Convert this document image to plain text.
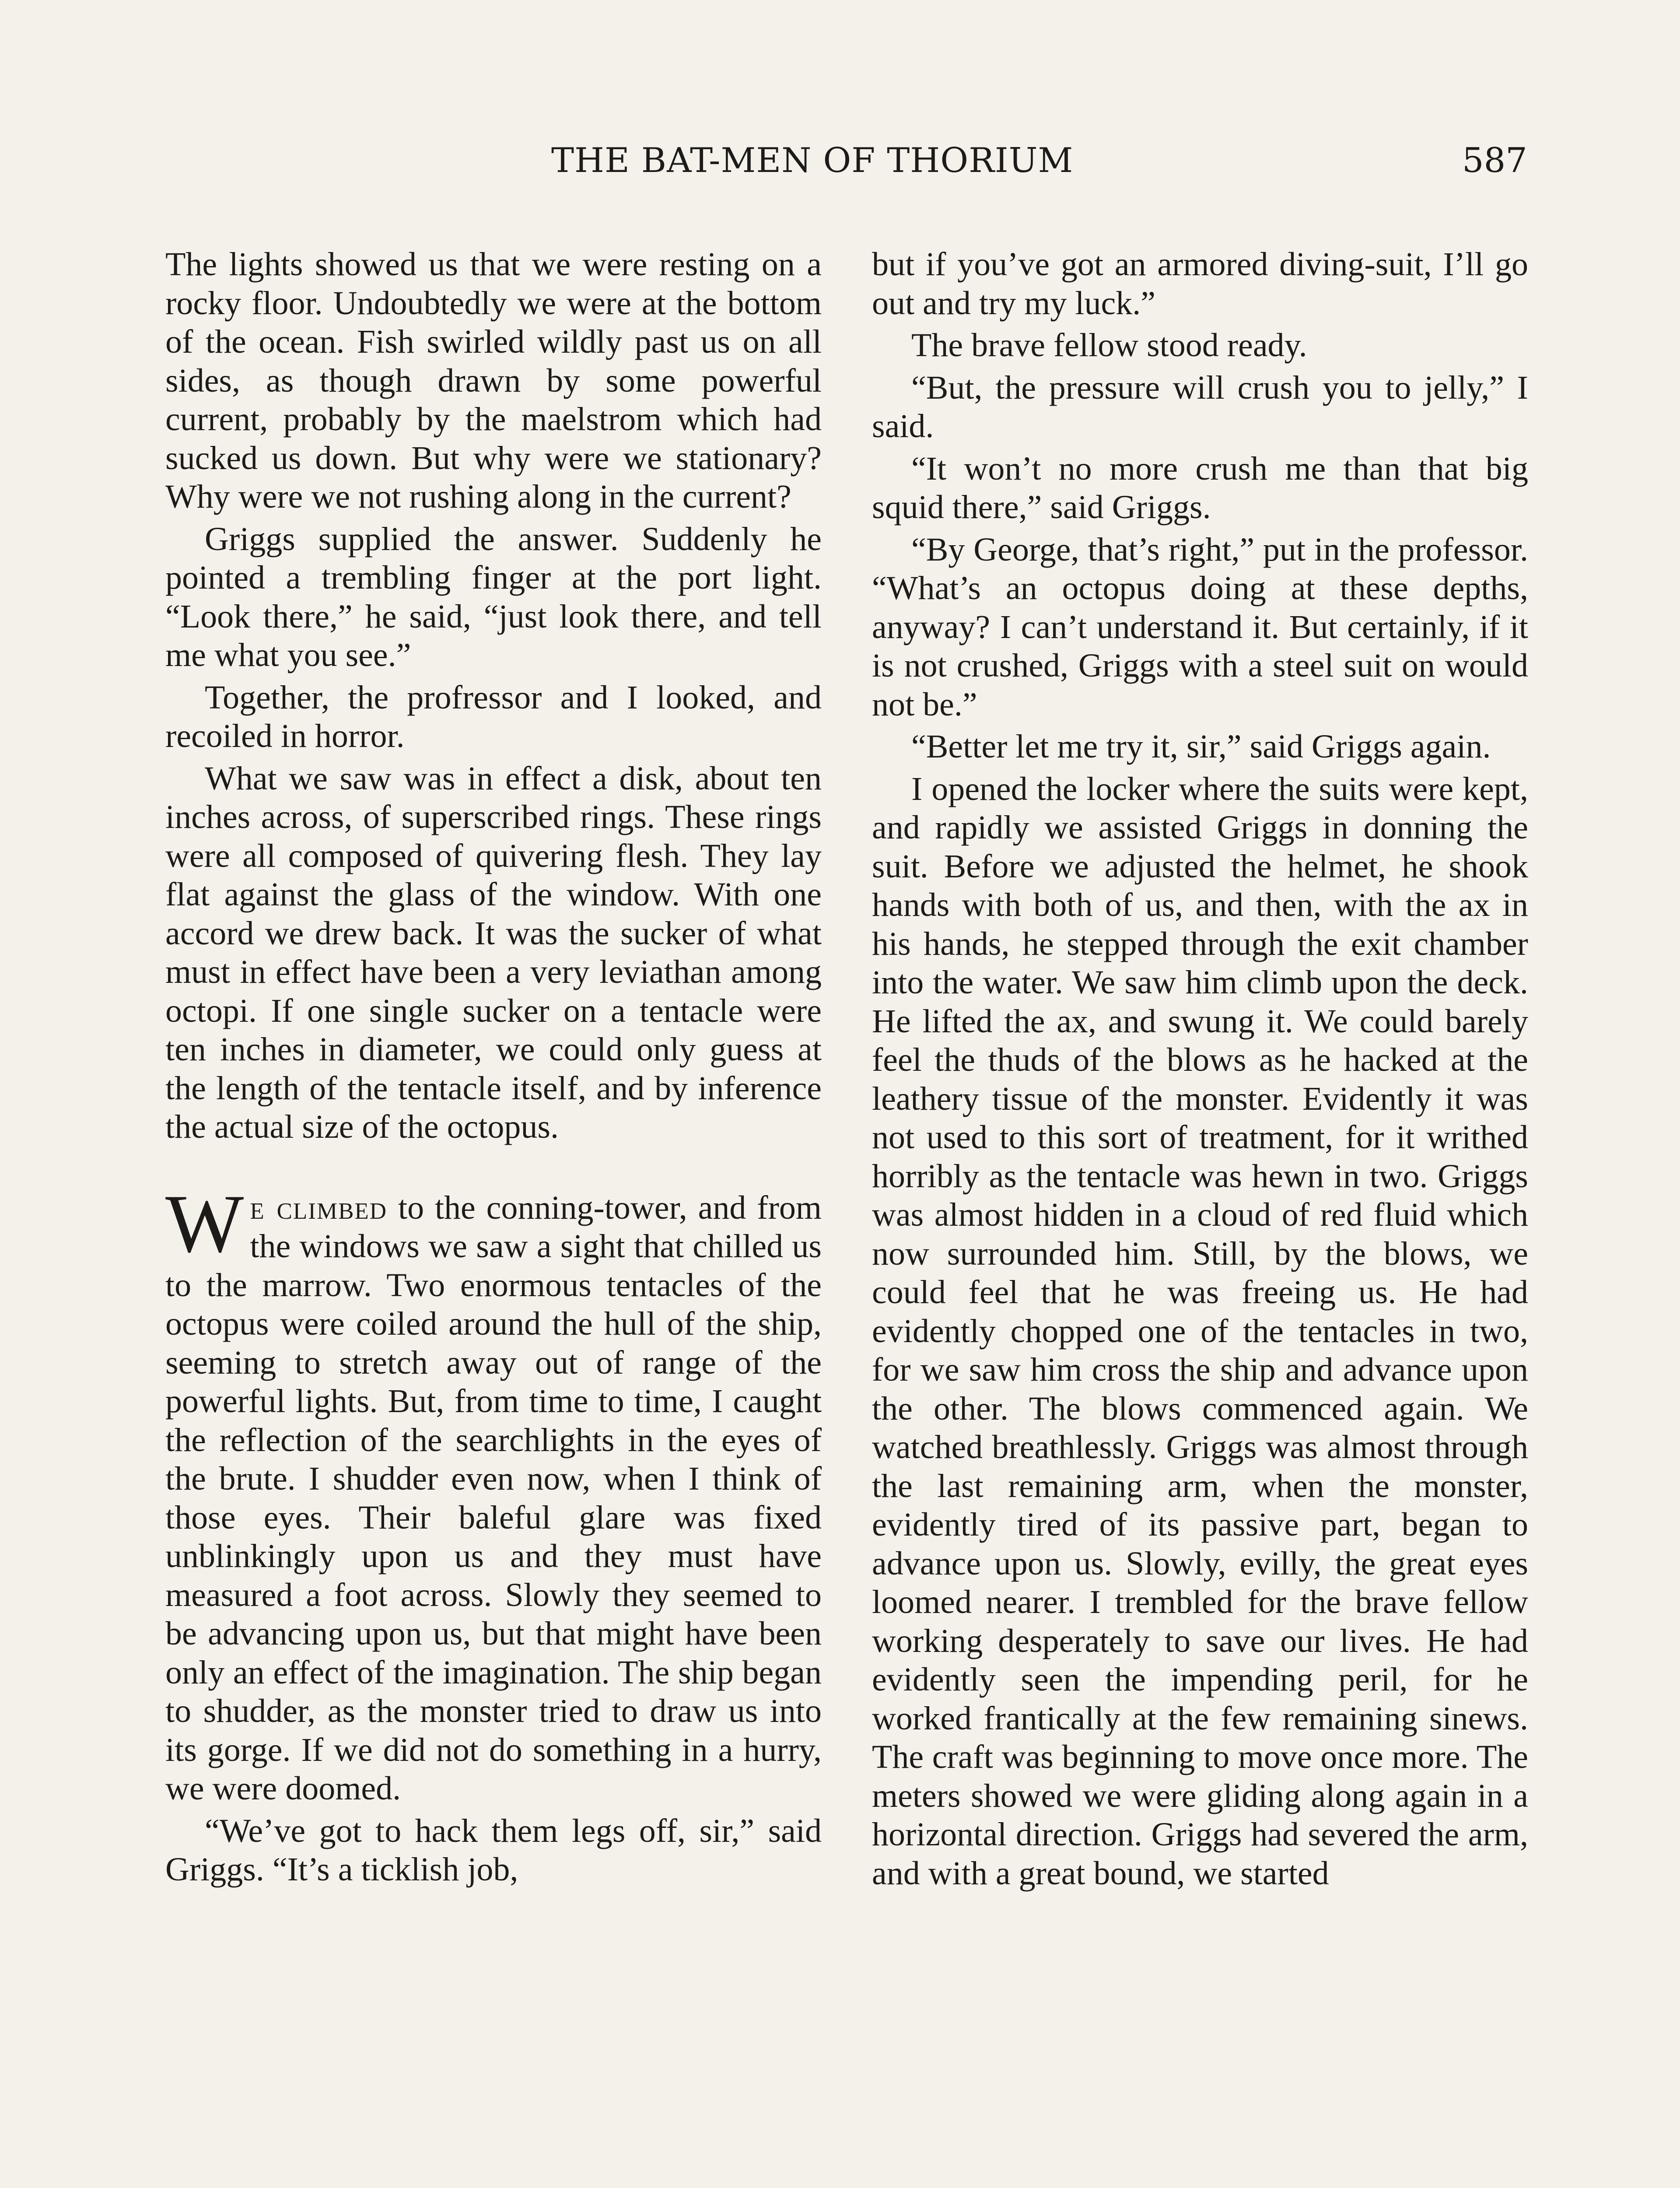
THE BAT-MEN OF THORIUM	587

The lights showed us that we were resting on a rocky floor. Undoubtedly we were at the bottom of the ocean. Fish swirled wildly past us on all sides, as though drawn by some powerful current, probably by the maelstrom which had sucked us down. But why were we stationary? Why were we not rushing along in the current?

Griggs supplied the answer. Suddenly he pointed a trembling finger at the port light. “Look there,” he said, “just look there, and tell me what you see.”

Together, the profressor and I looked, and recoiled in horror.

What we saw was in effect a disk, about ten inches across, of superscribed rings. These rings were all composed of quivering flesh. They lay flat against the glass of the window. With one accord we drew back. It was the sucker of what must in effect have been a very leviathan among octopi. If one single sucker on a tentacle were ten inches in diameter, we could only guess at the length of the tentacle itself, and by inference the actual size of the octopus.

We climbed to the conning-tower, and from the windows we saw a sight that chilled us to the marrow. Two enormous tentacles of the octopus were coiled around the hull of the ship, seeming to stretch away out of range of the powerful lights. But, from time to time, I caught the reflection of the searchlights in the eyes of the brute. I shudder even now, when I think of those eyes. Their baleful glare was fixed unblinkingly upon us and they must have measured a foot across. Slowly they seemed to be advancing upon us, but that might have been only an effect of the imagination. The ship began to shudder, as the monster tried to draw us into its gorge. If we did not do something in a hurry, we were doomed.

“We’ve got to hack them legs off, sir,” said Griggs. “It’s a ticklish job,

but if you’ve got an armored diving-suit, I’ll go out and try my luck.”

The brave fellow stood ready.

“But, the pressure will crush you to jelly,” I said.

“It won’t no more crush me than that big squid there,” said Griggs.

“By George, that’s right,” put in the professor. “What’s an octopus doing at these depths, anyway? I can’t understand it. But certainly, if it is not crushed, Griggs with a steel suit on would not be.”

“Better let me try it, sir,” said Griggs again.

I opened the locker where the suits were kept, and rapidly we assisted Griggs in donning the suit. Before we adjusted the helmet, he shook hands with both of us, and then, with the ax in his hands, he stepped through the exit chamber into the water. We saw him climb upon the deck. He lifted the ax, and swung it. We could barely feel the thuds of the blows as he hacked at the leathery tissue of the monster. Evidently it was not used to this sort of treatment, for it writhed horribly as the tentacle was hewn in two. Griggs was almost hidden in a cloud of red fluid which now surrounded him. Still, by the blows, we could feel that he was freeing us. He had evidently chopped one of the tentacles in two, for we saw him cross the ship and advance upon the other. The blows commenced again. We watched breathlessly. Griggs was almost through the last remaining arm, when the monster, evidently tired of its passive part, began to advance upon us. Slowly, evilly, the great eyes loomed nearer. I trembled for the brave fellow working desperately to save our lives. He had evidently seen the impending peril, for he worked frantically at the few remaining sinews. The craft was beginning to move once more. The meters showed we were gliding along again in a horizontal direction. Griggs had severed the arm, and with a great bound, we started
